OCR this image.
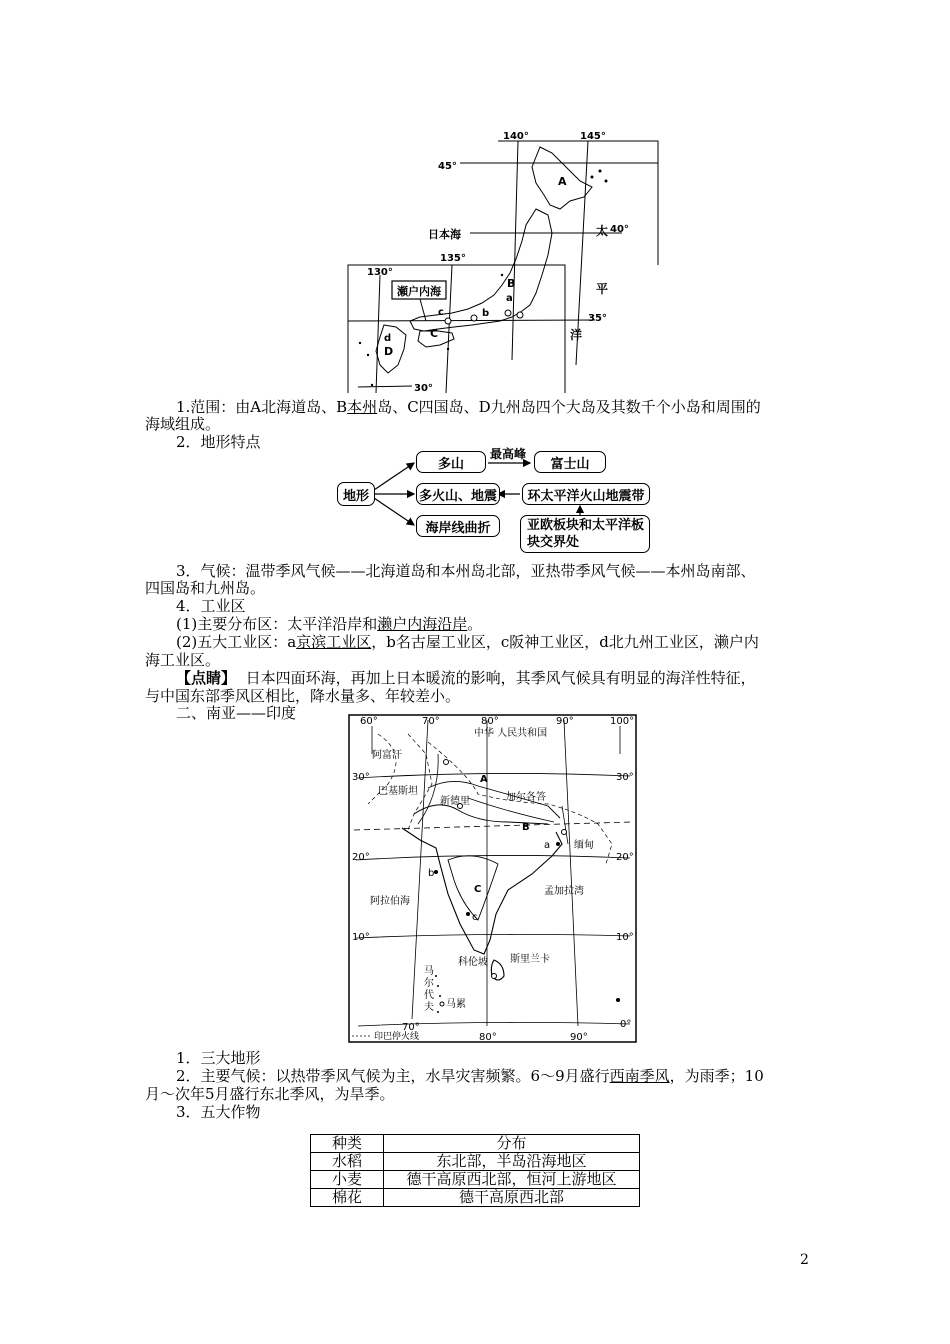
瀬户内海
140°	145°
135°
130°
45°
40°
35°
30°
日本海	太
平
洋
A
B
C
D
a
b
c
d
1.范围：由A北海道岛、B本州岛、C四国岛、D九州岛四个大岛及其数千个小岛和周围的
海域组成。
2．地形特点
最高峰
地形
多山	富士山
多火山、地震	环太平洋火山地震带
海岸线曲折	亚欧板块和太平洋板
块交界处
3．气候：温带季风气候——北海道岛和本州岛北部，亚热带季风气候——本州岛南部、
四国岛和九州岛。
4．工业区
(1)主要分布区：太平洋沿岸和濑户内海沿岸。
(2)五大工业区：a京滨工业区，b名古屋工业区，c阪神工业区，d北九州工业区，濑户内
海工业区。
【点睛】 日本四面环海，再加上日本暖流的影响，其季风气候具有明显的海洋性特征，
与中国东部季风区相比，降水量多、年较差小。
二、南亚——印度
印巴停火线
60°	70°	80°	90°	100°
70°
80°	90°
30°	30°
20°	20°
10°	10°
0°
中华 人民共和国
阿富汗
巴基斯坦
新德里	加尔各答
缅甸
阿拉伯海
孟加拉湾
科伦坡 斯里兰卡
马
尔
代
夫 马累
A
B
C
a
b
c
1．三大地形
2．主要气候：以热带季风气候为主，水旱灾害频繁。6～9月盛行西南季风，为雨季；10
月～次年5月盛行东北季风，为旱季。
3．五大作物
种类	分布
水稻	东北部，半岛沿海地区
小麦	德干高原西北部，恒河上游地区
棉花	德干高原西北部
2
